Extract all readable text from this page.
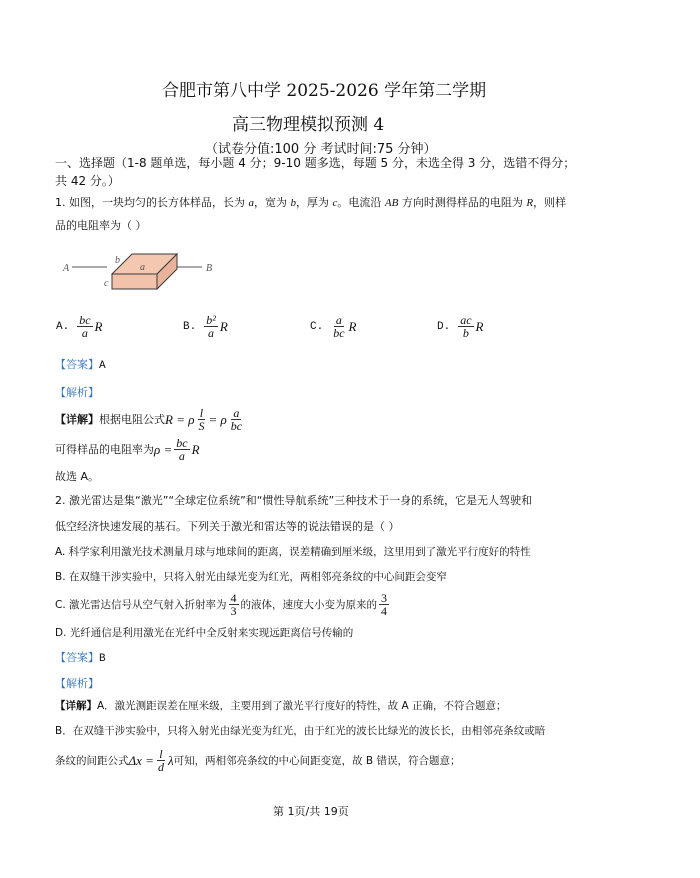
合肥市第八中学 2025-2026 学年第二学期
高三物理模拟预测 4
（试卷分值:100 分 考试时间:75 分钟）
一、选择题（1-8 题单选，每小题 4 分；9-10 题多选，每题 5 分，未选全得 3 分，选错不得分；
共 42 分。）
1. 如图，一块均匀的长方体样品，长为 a，宽为 b，厚为 c。电流沿 AB 方向时测得样品的电阻为 R，则样
品的电阻率为（ ）
A	B
a
b
c
A. $\frac{bc}{a}$ R	B. $\frac{\text{b²}}{a}$ R	C. $\frac{a}{bc}$ R	D. $\frac{ac}{b}$ R
【答案】A
【解析】
【详解】 根据电阻公式 R = ρ $\frac{l}{S} = \rho \frac{a}{bc}$
可得样品的电阻率为 $\rho = \frac{bc}{a}$ R
故选 A。
2. 激光雷达是集“激光”“全球定位系统”和“惯性导航系统”三种技术于一身的系统，它是无人驾驶和
低空经济快速发展的基石。下列关于激光和雷达等的说法错误的是（ ）
A. 科学家利用激光技术测量月球与地球间的距离，误差精确到厘米级，这里用到了激光平行度好的特性
B. 在双缝干涉实验中，只将入射光由绿光变为红光，两相邻亮条纹的中心间距会变窄
C. 激光雷达信号从空气射入折射率为 $\frac{4}{3}$ 的液体，速度大小变为原来的 $\frac{3}{4}$
D. 光纤通信是利用激光在光纤中全反射来实现远距离信号传输的
【答案】B
【解析】
【详解】A．激光测距误差在厘米级，主要用到了激光平行度好的特性，故 A 正确，不符合题意；
B．在双缝干涉实验中，只将入射光由绿光变为红光，由于红光的波长比绿光的波长长，由相邻亮条纹或暗
条纹的间距公式 $\Delta x = \frac{l}{d}$ λ 可知，两相邻亮条纹的中心间距变宽，故 B 错误，符合题意；
第 1页/共 19页
